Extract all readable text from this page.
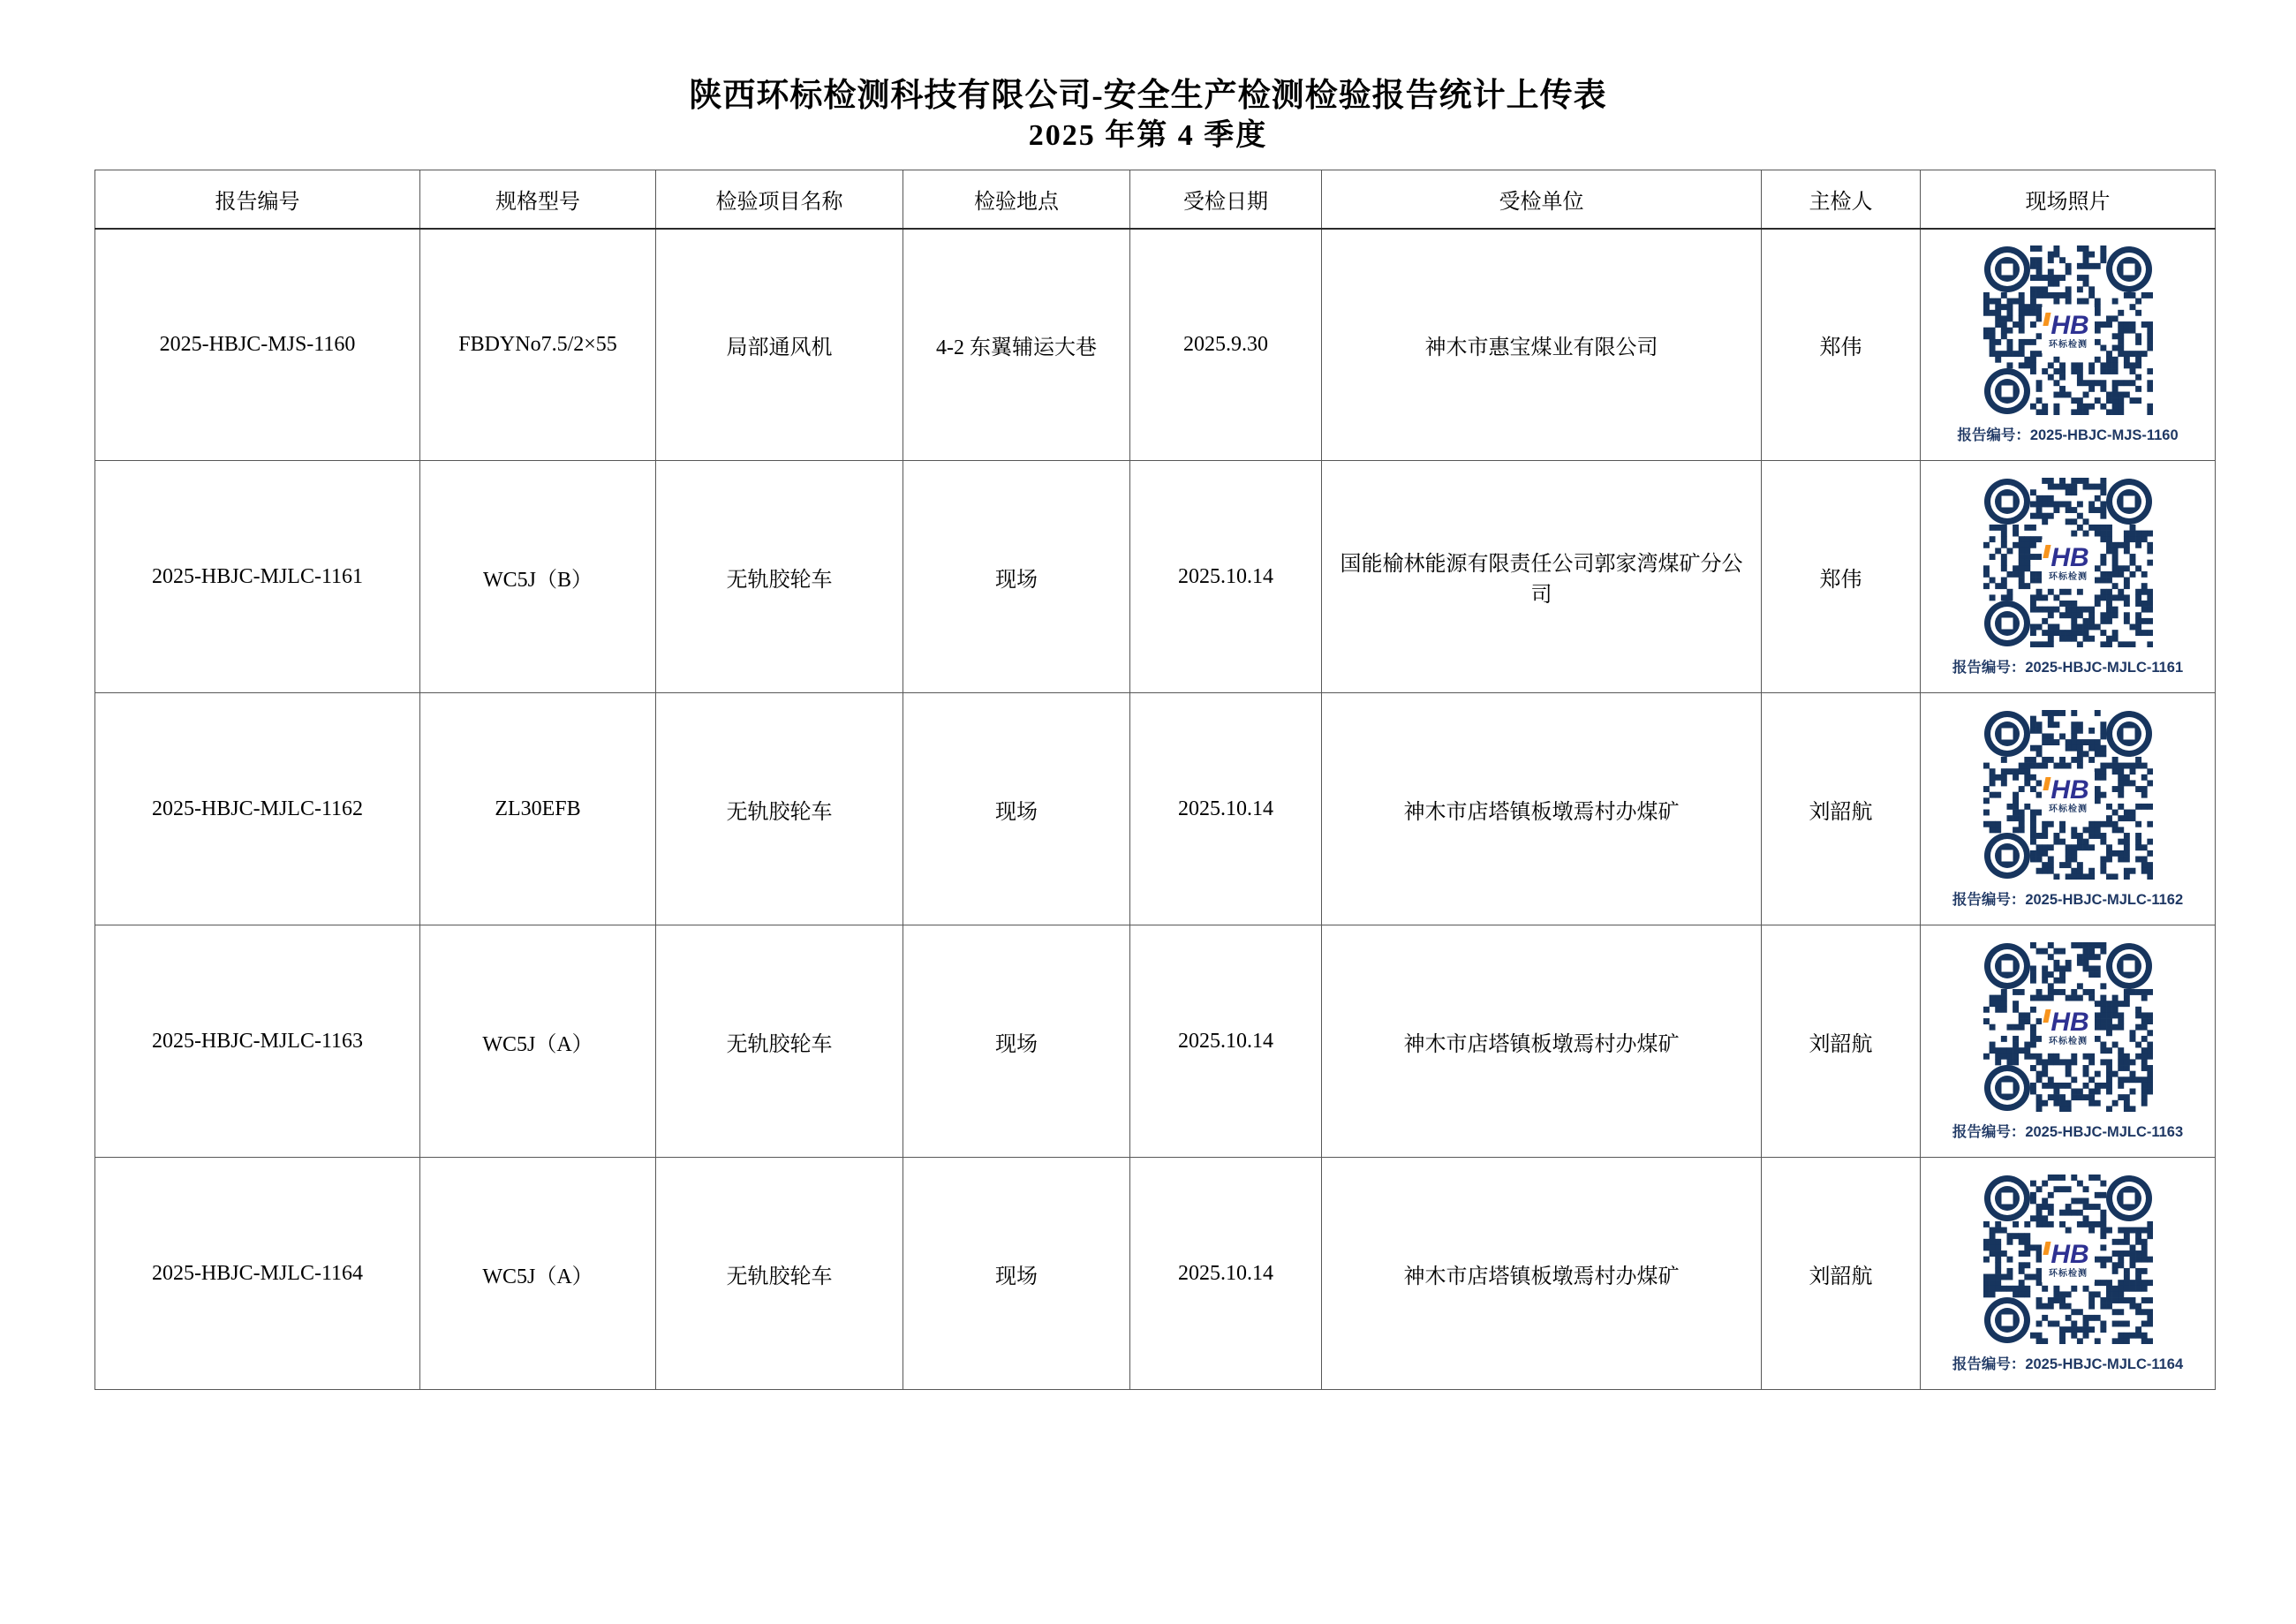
陕西环标检测科技有限公司-安全生产检测检验报告统计上传表
2025 年第 4 季度
报告编号	规格型号	检验项目名称	检验地点	受检日期	受检单位	主检人	现场照片
2025-HBJC-MJS-1160	FBDYNo7.5/2×55	局部通风机	4-2 东翼辅运大巷	2025.9.30	神木市惠宝煤业有限公司	郑伟	HB
环标检测
报告编号：2025-HBJC-MJS-1160

2025-HBJC-MJLC-1161	WC5J（B）	无轨胶轮车	现场	2025.10.14	国能榆林能源有限责任公司郭家湾煤矿分公司	郑伟	HB
环标检测
报告编号：2025-HBJC-MJLC-1161

2025-HBJC-MJLC-1162	ZL30EFB	无轨胶轮车	现场	2025.10.14	神木市店塔镇板墩焉村办煤矿	刘韶航	HB
环标检测
报告编号：2025-HBJC-MJLC-1162

2025-HBJC-MJLC-1163	WC5J（A）	无轨胶轮车	现场	2025.10.14	神木市店塔镇板墩焉村办煤矿	刘韶航	HB
环标检测
报告编号：2025-HBJC-MJLC-1163

2025-HBJC-MJLC-1164	WC5J（A）	无轨胶轮车	现场	2025.10.14	神木市店塔镇板墩焉村办煤矿	刘韶航	HB
环标检测
报告编号：2025-HBJC-MJLC-1164
